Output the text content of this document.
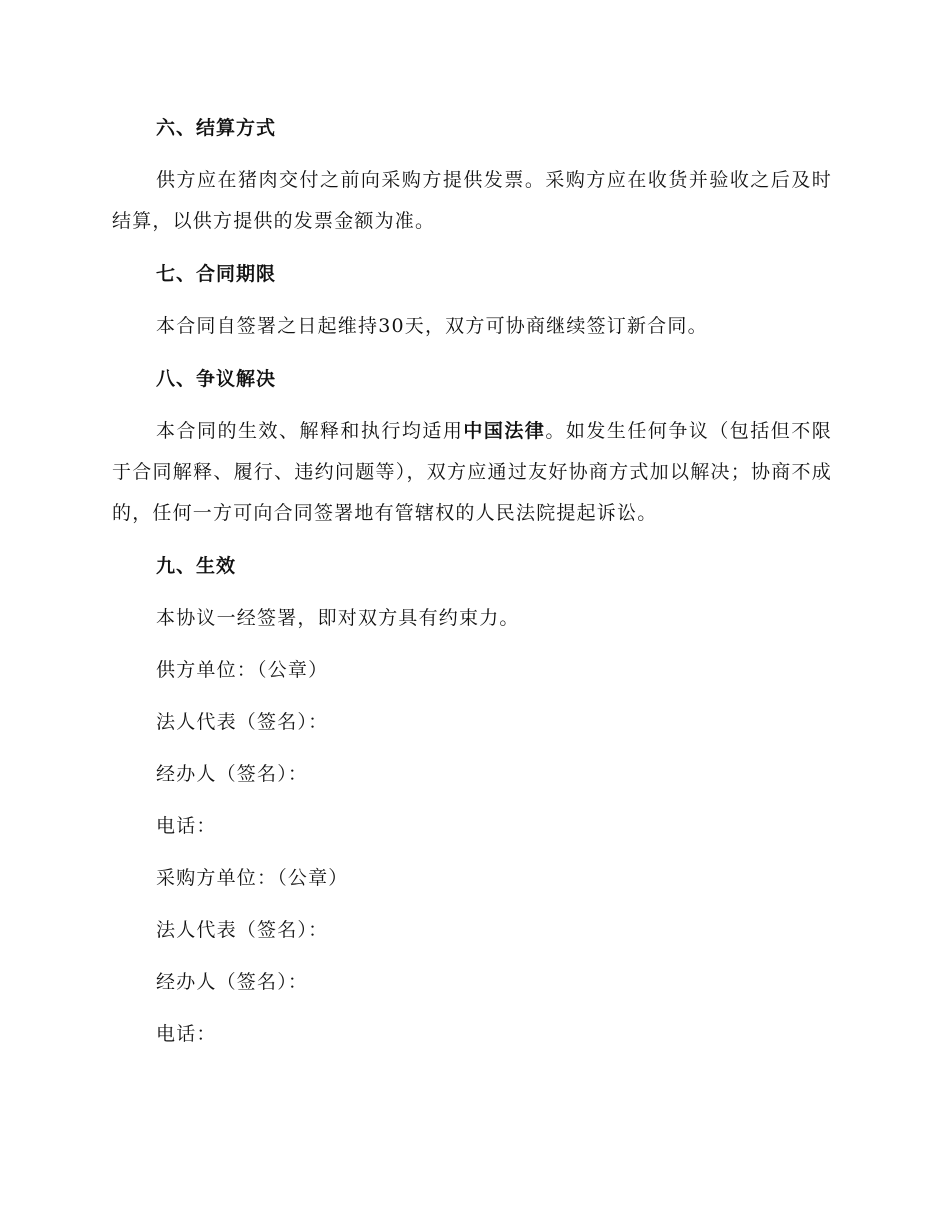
六、结算方式

供方应在猪肉交付之前向采购方提供发票。采购方应在收货并验收之后及时结算，以供方提供的发票金额为准。

七、合同期限

本合同自签署之日起维持30天，双方可协商继续签订新合同。

八、争议解决

本合同的生效、解释和执行均适用中国法律。如发生任何争议（包括但不限于合同解释、履行、违约问题等），双方应通过友好协商方式加以解决；协商不成的，任何一方可向合同签署地有管辖权的人民法院提起诉讼。

九、生效
本协议一经签署，即对双方具有约束力。
供方单位：（公章）
法人代表（签名）：
经办人（签名）：
电话：
采购方单位：（公章）
法人代表（签名）：
经办人（签名）：
电话：
